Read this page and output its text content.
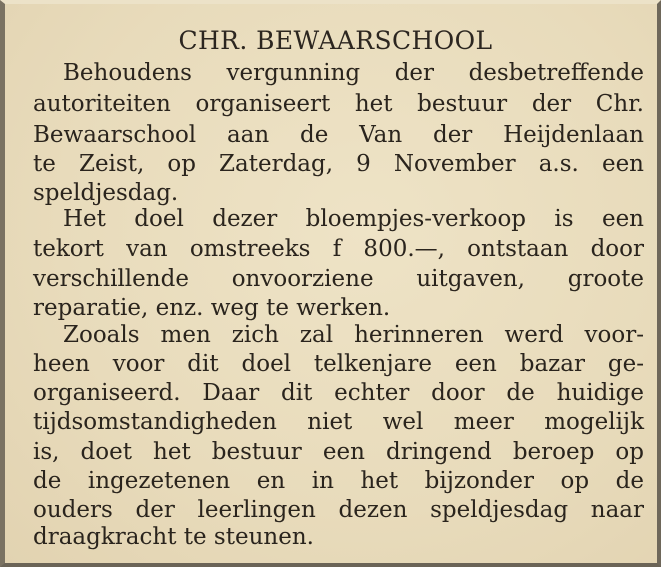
CHR. BEWAARSCHOOL
Behoudens vergunning der desbetreffende
autoriteiten organiseert het bestuur der Chr.
Bewaarschool aan de Van der Heijdenlaan
te Zeist, op Zaterdag, 9 November a.s. een
speldjesdag.
Het doel dezer bloempjes-verkoop is een
tekort van omstreeks f 800.—, ontstaan door
verschillende onvoorziene uitgaven, groote
reparatie, enz. weg te werken.
Zooals men zich zal herinneren werd voor-
heen voor dit doel telkenjare een bazar ge-
organiseerd. Daar dit echter door de huidige
tijdsomstandigheden niet wel meer mogelijk
is, doet het bestuur een dringend beroep op
de ingezetenen en in het bijzonder op de
ouders der leerlingen dezen speldjesdag naar
draagkracht te steunen.
